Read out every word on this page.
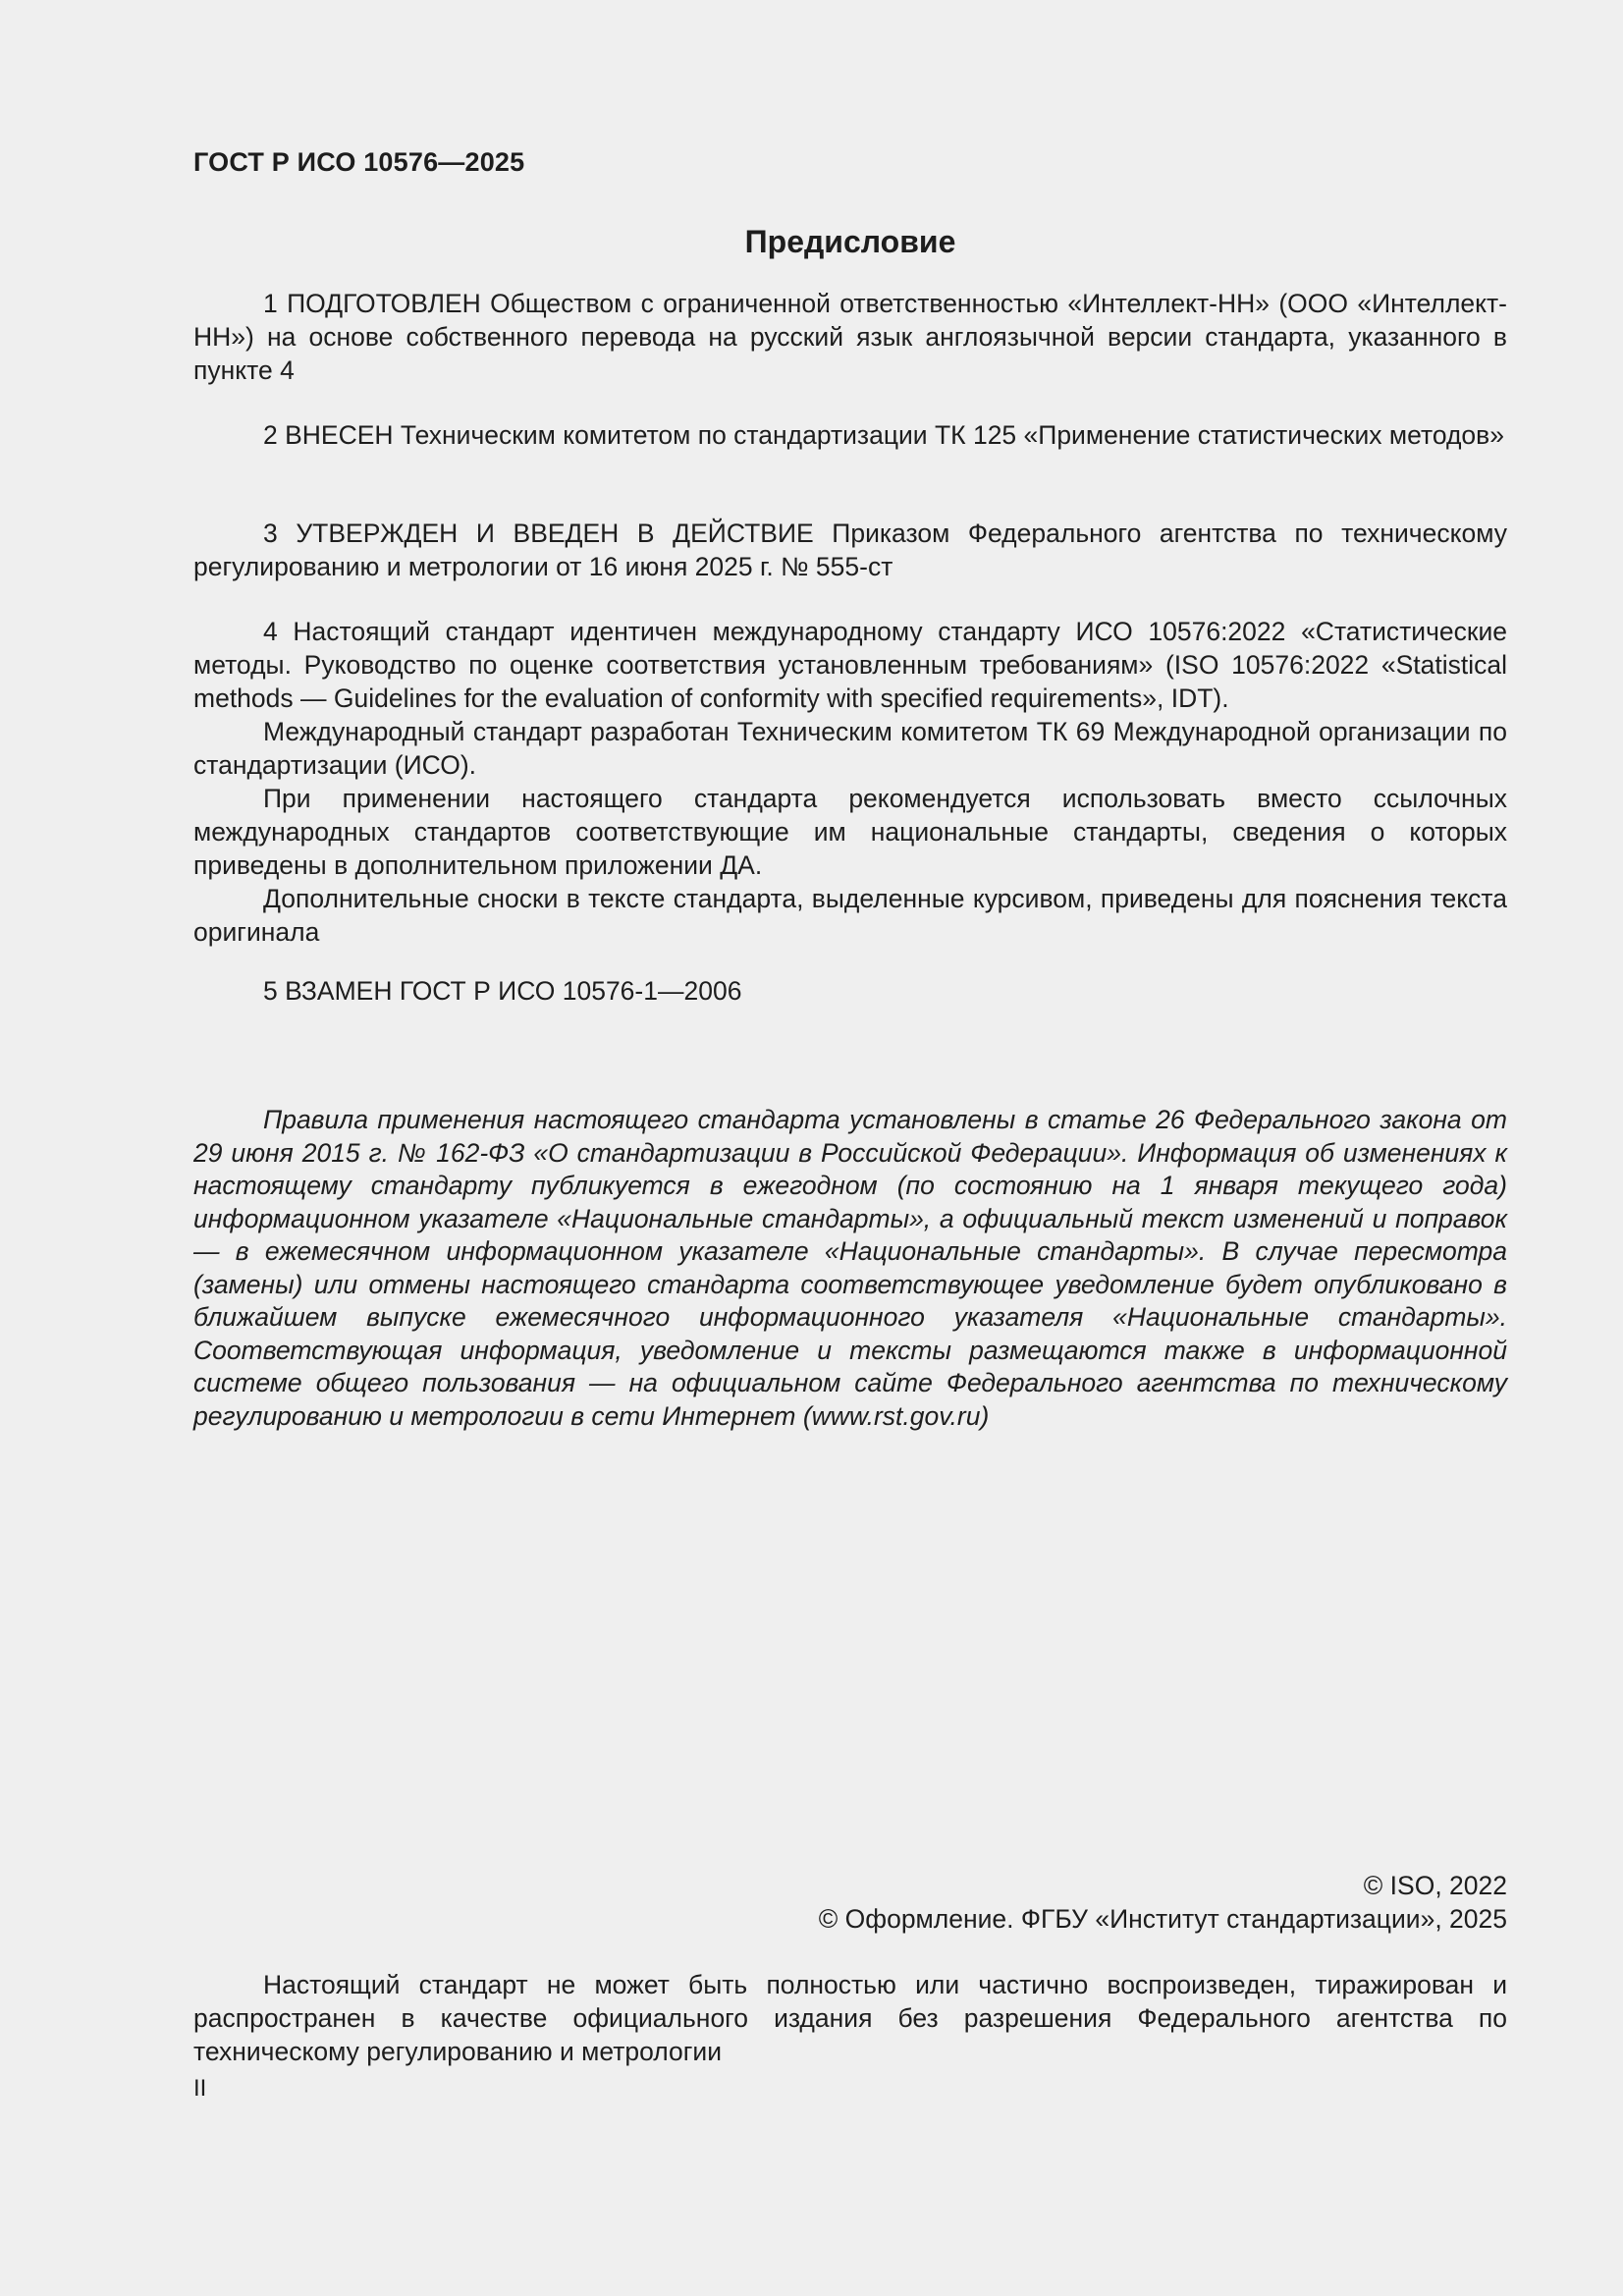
ГОСТ Р ИСО 10576—2025
Предисловие

1 ПОДГОТОВЛЕН Обществом с ограниченной ответственностью «Интеллект-НН» (ООО «Интеллект-НН») на основе собственного перевода на русский язык англоязычной версии стандарта, указанного в пункте 4

2 ВНЕСЕН Техническим комитетом по стандартизации ТК 125 «Применение статистических методов»

3 УТВЕРЖДЕН И ВВЕДЕН В ДЕЙСТВИЕ Приказом Федерального агентства по техническому регулированию и метрологии от 16 июня 2025 г. № 555-ст

4 Настоящий стандарт идентичен международному стандарту ИСО 10576:2022 «Статистические методы. Руководство по оценке соответствия установленным требованиям» (ISO 10576:2022 «Statistical methods — Guidelines for the evaluation of conformity with specified requirements», IDT).

Международный стандарт разработан Техническим комитетом ТК 69 Международной организации по стандартизации (ИСО).

При применении настоящего стандарта рекомендуется использовать вместо ссылочных международных стандартов соответствующие им национальные стандарты, сведения о которых приведены в дополнительном приложении ДА.

Дополнительные сноски в тексте стандарта, выделенные курсивом, приведены для пояснения текста оригинала

5 ВЗАМЕН ГОСТ Р ИСО 10576-1—2006

Правила применения настоящего стандарта установлены в статье 26 Федерального закона от 29 июня 2015 г. № 162-ФЗ «О стандартизации в Российской Федерации». Информация об изменениях к настоящему стандарту публикуется в ежегодном (по состоянию на 1 января текущего года) информационном указателе «Национальные стандарты», а официальный текст изменений и поправок — в ежемесячном информационном указателе «Национальные стандарты». В случае пересмотра (замены) или отмены настоящего стандарта соответствующее уведомление будет опубликовано в ближайшем выпуске ежемесячного информационного указателя «Национальные стандарты». Соответствующая информация, уведомление и тексты размещаются также в информационной системе общего пользования — на официальном сайте Федерального агентства по техническому регулированию и метрологии в сети Интернет (www.rst.gov.ru)

© ISO, 2022
© Оформление. ФГБУ «Институт стандартизации», 2025

Настоящий стандарт не может быть полностью или частично воспроизведен, тиражирован и распространен в качестве официального издания без разрешения Федерального агентства по техническому регулированию и метрологии

II
